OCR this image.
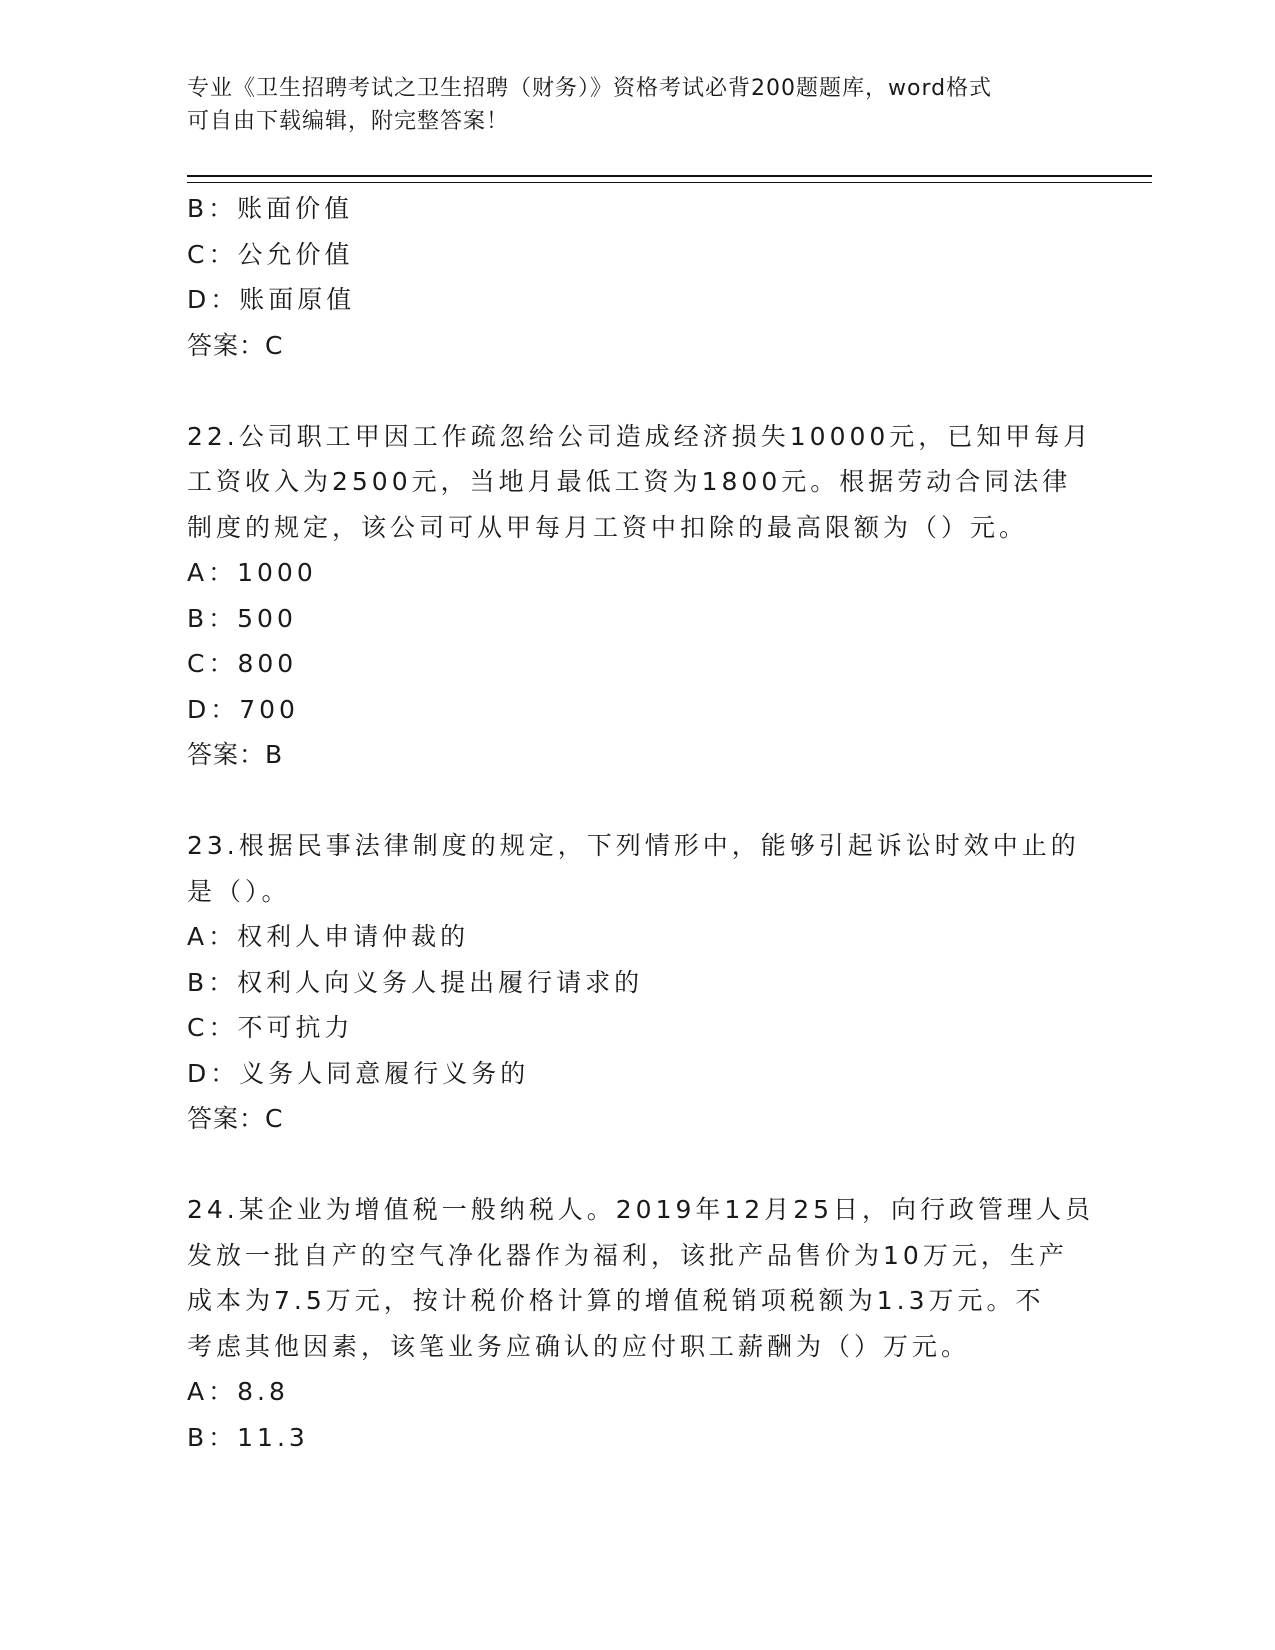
专业《卫生招聘考试之卫生招聘（财务）》资格考试必背200题题库，word格式
可自由下载编辑，附完整答案！
B：账面价值
C：公允价值
D：账面原值
答案：C
22.公司职工甲因工作疏忽给公司造成经济损失10000元，已知甲每月
工资收入为2500元，当地月最低工资为1800元。根据劳动合同法律
制度的规定，该公司可从甲每月工资中扣除的最高限额为（）元。
A：1000
B：500
C：800
D：700
答案：B
23.根据民事法律制度的规定，下列情形中，能够引起诉讼时效中止的
是（）。
A：权利人申请仲裁的
B：权利人向义务人提出履行请求的
C：不可抗力
D：义务人同意履行义务的
答案：C
24.某企业为增值税一般纳税人。2019年12月25日，向行政管理人员
发放一批自产的空气净化器作为福利，该批产品售价为10万元，生产
成本为7.5万元，按计税价格计算的增值税销项税额为1.3万元。不
考虑其他因素，该笔业务应确认的应付职工薪酬为（）万元。
A：8.8
B：11.3
